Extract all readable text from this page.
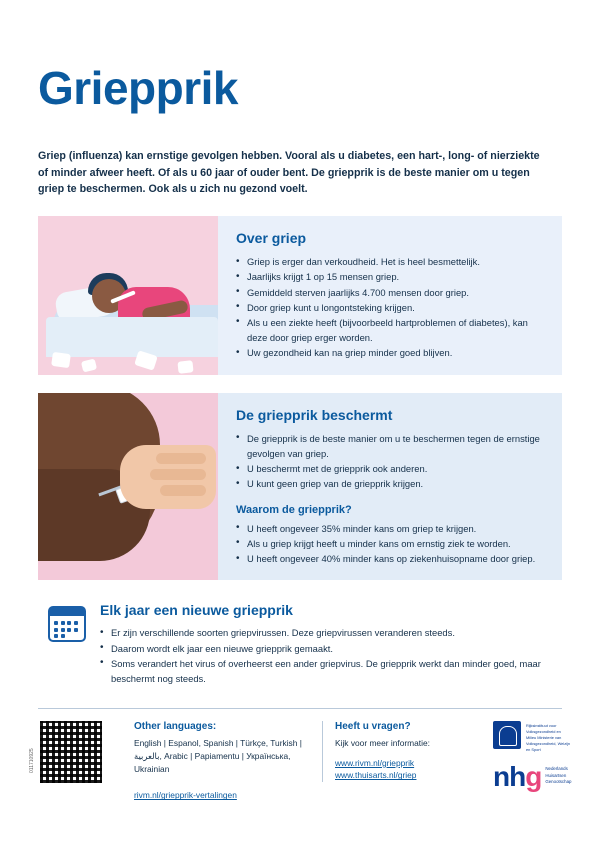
Griepprik

Griep (influenza) kan ernstige gevolgen hebben. Vooral als u diabetes, een hart-, long- of nierziekte of minder afweer heeft. Of als u 60 jaar of ouder bent. De griepprik is de beste manier om u tegen griep te beschermen. Ook als u zich nu gezond voelt.

Over griep
• Griep is erger dan verkoudheid. Het is heel besmettelijk.
• Jaarlijks krijgt 1 op 15 mensen griep.
• Gemiddeld sterven jaarlijks 4.700 mensen door griep.
• Door griep kunt u longontsteking krijgen.
• Als u een ziekte heeft (bijvoorbeeld hartproblemen of diabetes), kan deze door griep erger worden.
• Uw gezondheid kan na griep minder goed blijven.
De griepprik beschermt
• De griepprik is de beste manier om u te beschermen tegen de ernstige gevolgen van griep.
• U beschermt met de griepprik ook anderen.
• U kunt geen griep van de griepprik krijgen.
Waarom de griepprik?
• U heeft ongeveer 35% minder kans om griep te krijgen.
• Als u griep krijgt heeft u minder kans om ernstig ziek te worden.
• U heeft ongeveer 40% minder kans op ziekenhuisopname door griep.
Elk jaar een nieuwe griepprik
• Er zijn verschillende soorten griepvirussen. Deze griepvirussen veranderen steeds.
• Daarom wordt elk jaar een nieuwe griepprik gemaakt.
• Soms verandert het virus of overheerst een ander griepvirus. De griepprik werkt dan minder goed, maar beschermt nog steeds.
011710925
Other languages:

English | Espanol, Spanish | Türkçe, Turkish | بالعربية, Arabic | Papiamentu | Українська, Ukrainian

rivm.nl/griepprik-vertalingen
Heeft u vragen?

Kijk voor meer informatie:

www.rivm.nl/griepprik
www.thuisarts.nl/griep
Rijksinstituut voor Volksgezondheid en Milieu Ministerie van Volksgezondheid, Welzijn en Sport
nhg Nederlands Huisartsen Genootschap
